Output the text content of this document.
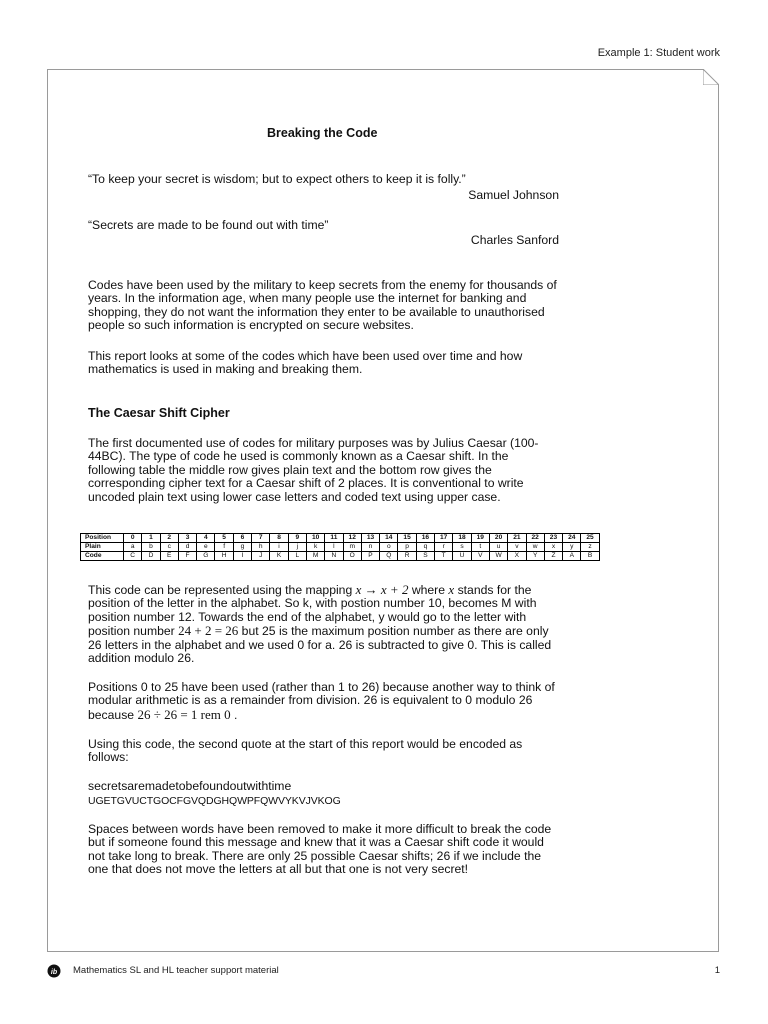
Example 1: Student work
Breaking the Code
“To keep your secret is wisdom; but to expect others to keep it is folly.”
Samuel Johnson
“Secrets are made to be found out with time”
Charles Sanford

Codes have been used by the military to keep secrets from the enemy for thousands of years. In the information age, when many people use the internet for banking and shopping, they do not want the information they enter to be available to unauthorised people so such information is encrypted on secure websites.

This report looks at some of the codes which have been used over time and how mathematics is used in making and breaking them.

The Caesar Shift Cipher

The first documented use of codes for military purposes was by Julius Caesar (100-44BC). The type of code he used is commonly known as a Caesar shift. In the following table the middle row gives plain text and the bottom row gives the corresponding cipher text for a Caesar shift of 2 places. It is conventional to write uncoded plain text using lower case letters and coded text using upper case.

This code can be represented using the mapping x → x + 2 where x stands for the position of the letter in the alphabet. So k, with postion number 10, becomes M with position number 12. Towards the end of the alphabet, y would go to the letter with position number 24 + 2 = 26 but 25 is the maximum position number as there are only 26 letters in the alphabet and we used 0 for a. 26 is subtracted to give 0. This is called addition modulo 26.

Positions 0 to 25 have been used (rather than 1 to 26) because another way to think of modular arithmetic is as a remainder from division. 26 is equivalent to 0 modulo 26 because 26 ÷ 26 = 1 rem 0 .

Using this code, the second quote at the start of this report would be encoded as follows:

secretsaremadetobefoundoutwithtime
UGETGVUCTGOCFGVQDGHQWPFQWVYKVJVKOG

Spaces between words have been removed to make it more difficult to break the code but if someone found this message and knew that it was a Caesar shift code it would not take long to break. There are only 25 possible Caesar shifts; 26 if we include the one that does not move the letters at all but that one is not very secret!

Position	0	1	2	3	4	5	6	7	8	9	10	11	12	13	14	15	16	17	18	19	20	21	22	23	24	25
Plain	a	b	c	d	e	f	g	h	i	j	k	l	m	n	o	p	q	r	s	t	u	v	w	x	y	z
Code	C	D	E	F	G	H	I	J	K	L	M	N	O	P	Q	R	S	T	U	V	W	X	Y	Z	A	B
ib Mathematics SL and HL teacher support material	1
